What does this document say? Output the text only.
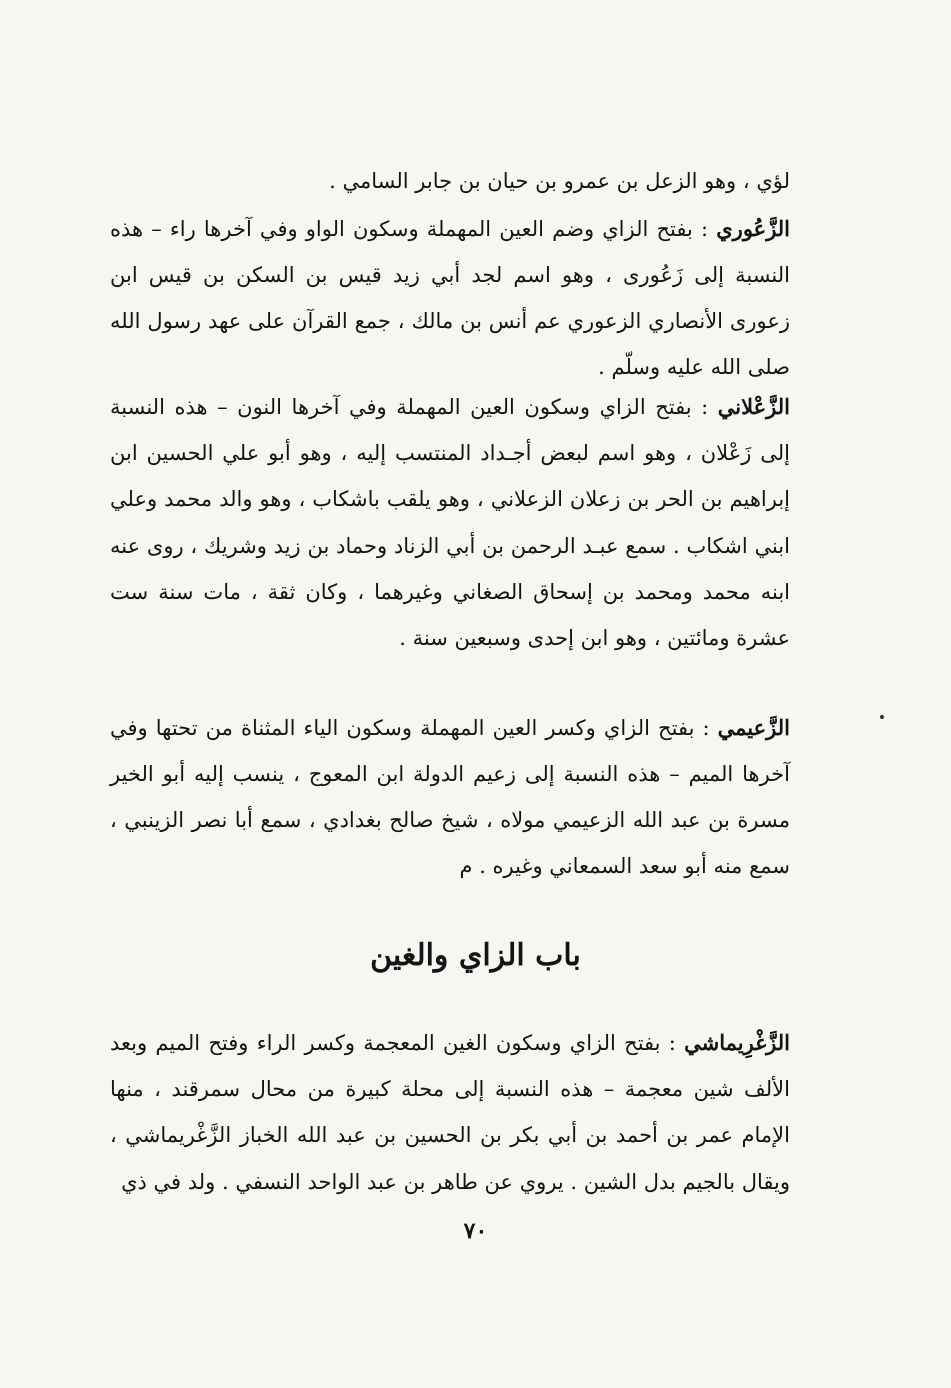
لؤي ، وهو الزعل بن عمرو بن حيان بن جابر السامي .
الزَّعُوري : بفتح الزاي وضم العين المهملة وسكون الواو وفي آخرها راء – هذه النسبة إلى زَعُورى ، وهو اسم لجد أبي زيد قيس بن السكن بن قيس ابن زعورى الأنصاري الزعوري عم أنس بن مالك ، جمع القرآن على عهد رسول الله صلى الله عليه وسلّم .
الزَّعْلاني : بفتح الزاي وسكون العين المهملة وفي آخرها النون – هذه النسبة إلى زَعْلان ، وهو اسم لبعض أجـداد المنتسب إليه ، وهو أبو علي الحسين ابن إبراهيم بن الحر بن زعلان الزعلاني ، وهو يلقب باشكاب ، وهو والد محمد وعلي ابني اشكاب . سمع عبـد الرحمن بن أبي الزناد وحماد بن زيد وشريك ، روى عنه ابنه محمد ومحمد بن إسحاق الصغاني وغيرهما ، وكان ثقة ، مات سنة ست عشرة ومائتين ، وهو ابن إحدى وسبعين سنة .
الزَّعيمي : بفتح الزاي وكسر العين المهملة وسكون الياء المثناة من تحتها وفي آخرها الميم – هذه النسبة إلى زعيم الدولة ابن المعوج ، ينسب إليه أبو الخير مسرة بن عبد الله الزعيمي مولاه ، شيخ صالح بغدادي ، سمع أبا نصر الزينبي ، سمع منه أبو سعد السمعاني وغيره . م
باب الزاي والغين
الزَّغْرِيماشي : بفتح الزاي وسكون الغين المعجمة وكسر الراء وفتح الميم وبعد الألف شين معجمة – هذه النسبة إلى محلة كبيرة من محال سمرقند ، منها الإمام عمر بن أحمد بن أبي بكر بن الحسين بن عبد الله الخباز الزَّغْريماشي ، ويقال بالجيم بدل الشين . يروي عن طاهر بن عبد الواحد النسفي . ولد في ذي
٧٠
